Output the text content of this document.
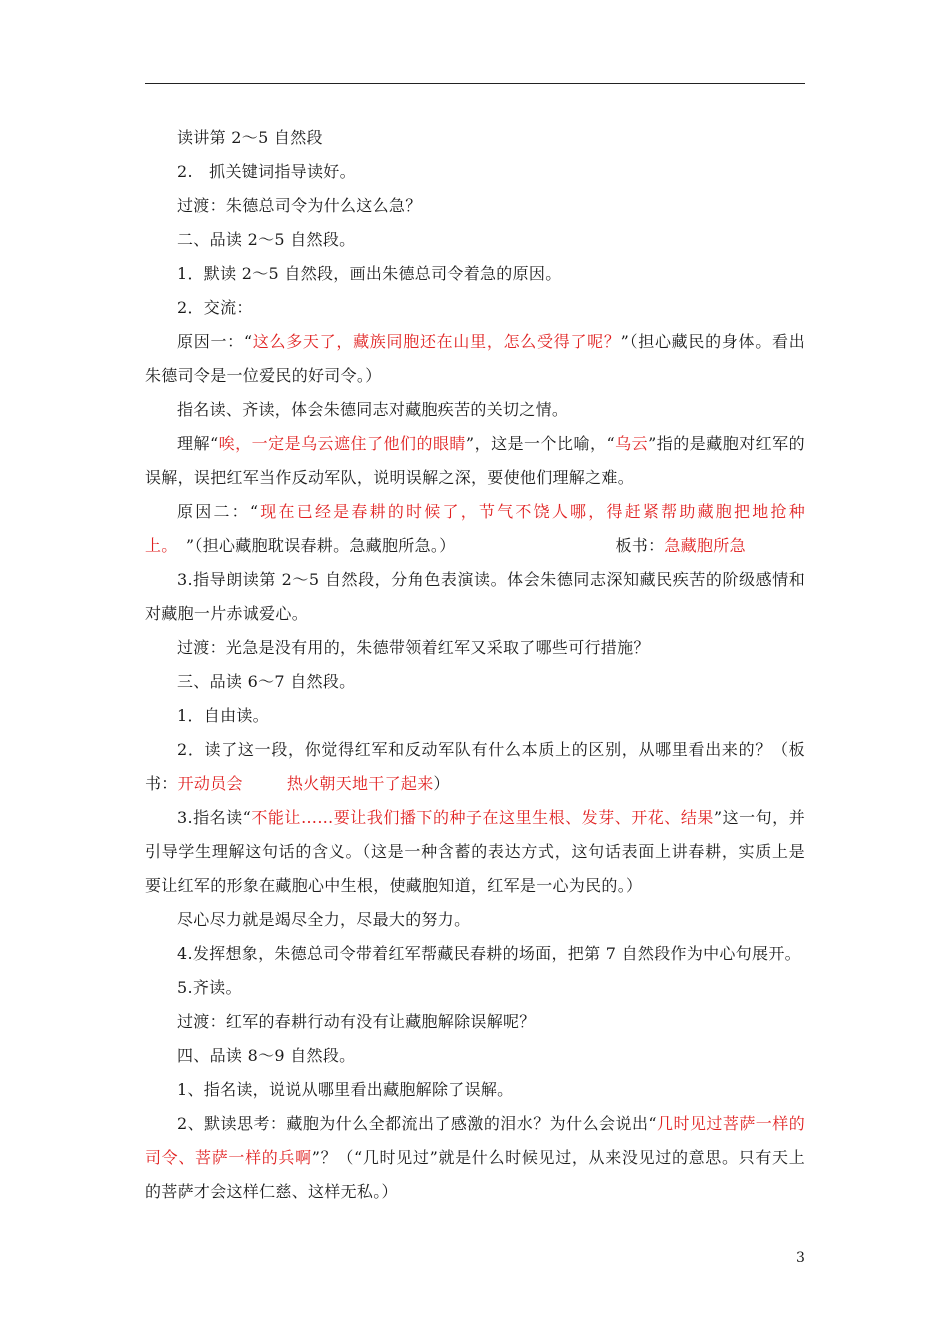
读讲第 2～5 自然段

2.　抓关键词指导读好。

过渡：朱德总司令为什么这么急？

二、品读 2～5 自然段。

1．默读 2～5 自然段，画出朱德总司令着急的原因。

2．交流：

原因一：“这么多天了，藏族同胞还在山里，怎么受得了呢？”（担心藏民的身体。看出朱德司令是一位爱民的好司令。）

指名读、齐读，体会朱德同志对藏胞疾苦的关切之情。

理解“唉，一定是乌云遮住了他们的眼睛”，这是一个比喻，“乌云”指的是藏胞对红军的误解，误把红军当作反动军队，说明误解之深，要使他们理解之难。

原因二：“现在已经是春耕的时候了，节气不饶人哪，得赶紧帮助藏胞把地抢种上。　”（担心藏胞耽误春耕。急藏胞所急。）	板书：急藏胞所急

3.指导朗读第 2～5 自然段，分角色表演读。体会朱德同志深知藏民疾苦的阶级感情和对藏胞一片赤诚爱心。

过渡：光急是没有用的，朱德带领着红军又采取了哪些可行措施？

三、品读 6～7 自然段。

1．自由读。

2．读了这一段，你觉得红军和反动军队有什么本质上的区别，从哪里看出来的？（板书：开动员会	热火朝天地干了起来）

3.指名读“不能让……要让我们播下的种子在这里生根、发芽、开花、结果”这一句，并引导学生理解这句话的含义。（这是一种含蓄的表达方式，这句话表面上讲春耕，实质上是要让红军的形象在藏胞心中生根，使藏胞知道，红军是一心为民的。）

尽心尽力就是竭尽全力，尽最大的努力。

4.发挥想象，朱德总司令带着红军帮藏民春耕的场面，把第 7 自然段作为中心句展开。

5.齐读。

过渡：红军的春耕行动有没有让藏胞解除误解呢？

四、品读 8～9 自然段。

1、指名读，说说从哪里看出藏胞解除了误解。

2、默读思考：藏胞为什么全都流出了感激的泪水？为什么会说出“几时见过菩萨一样的司令、菩萨一样的兵啊”？（“几时见过”就是什么时候见过，从来没见过的意思。只有天上的菩萨才会这样仁慈、这样无私。）

3
